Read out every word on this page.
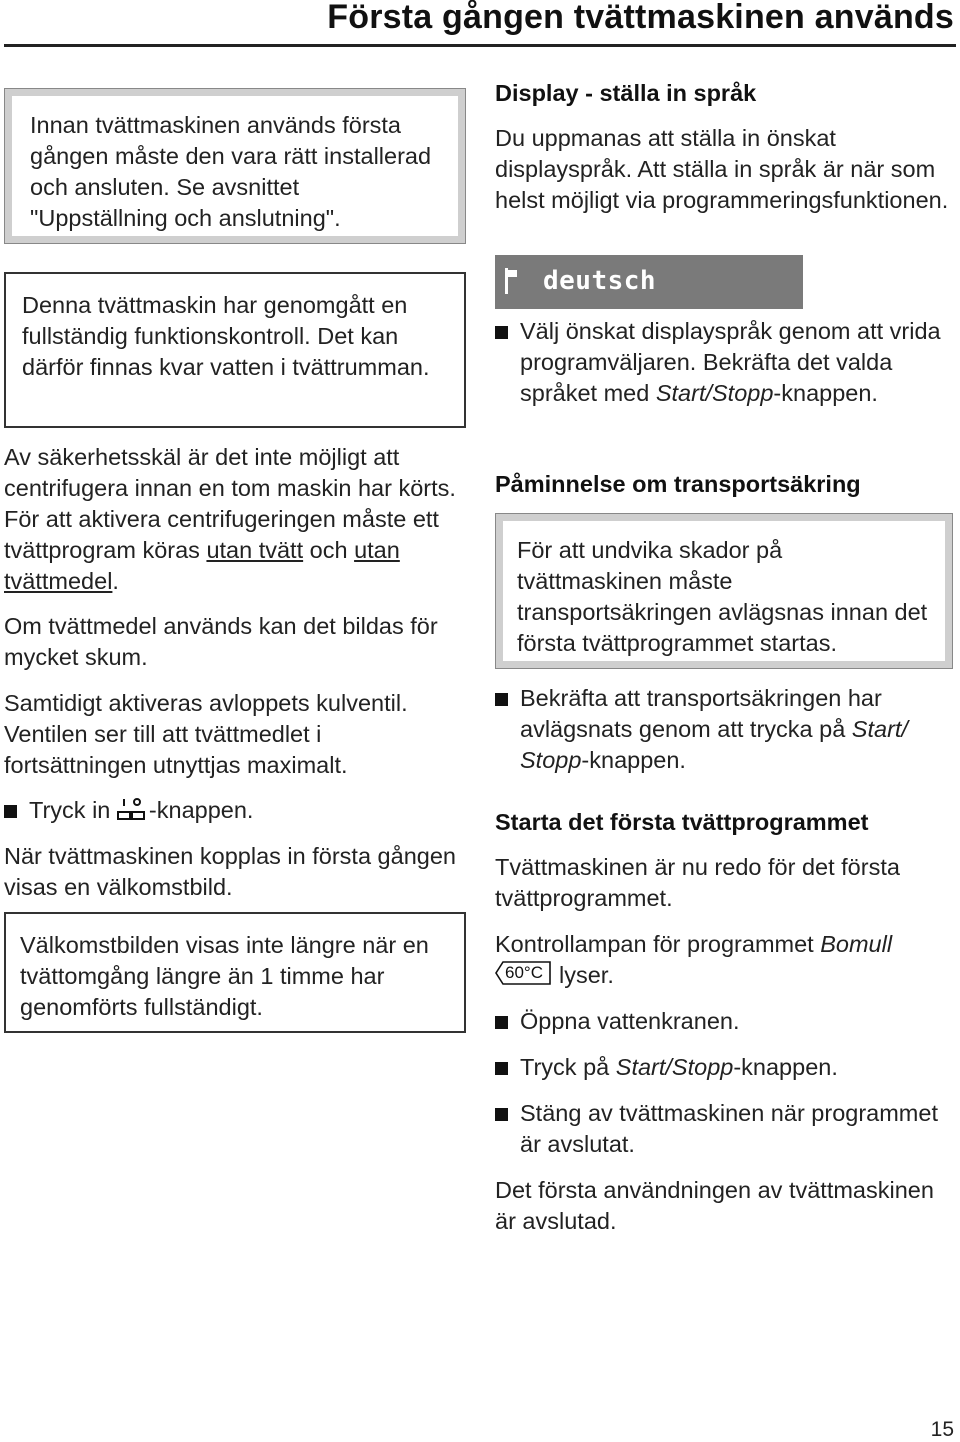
Första gången tvättmaskinen används

Innan tvättmaskinen används första gången måste den vara rätt installerad och ansluten. Se avsnittet "Uppställning och anslutning".

Denna tvättmaskin har genomgått en fullständig funktionskontroll. Det kan därför finnas kvar vatten i tvättrumman.

Av säkerhetsskäl är det inte möjligt att centrifugera innan en tom maskin har körts. För att aktivera centrifugeringen måste ett tvättprogram köras utan tvätt och utan tvättmedel.

Om tvättmedel används kan det bildas för mycket skum.

Samtidigt aktiveras avloppets kulventil. Ventilen ser till att tvättmedlet i fortsättningen utnyttjas maximalt.

Tryck in -knappen.

När tvättmaskinen kopplas in första gången visas en välkomstbild.

Välkomstbilden visas inte längre när en tvättomgång längre än 1 timme har genomförts fullständigt.

Display - ställa in språk

Du uppmanas att ställa in önskat displayspråk. Att ställa in språk är när som helst möjligt via programmeringsfunktionen.

deutsch

Välj önskat displayspråk genom att vrida programväljaren. Bekräfta det valda språket med Start/Stopp-knappen.

Påminnelse om transportsäkring

För att undvika skador på tvättmaskinen måste transportsäkringen avlägsnas innan det första tvättprogrammet startas.

Bekräfta att transportsäkringen har avlägsnats genom att trycka på Start/ Stopp-knappen.

Starta det första tvättprogrammet

Tvättmaskinen är nu redo för det första tvättprogrammet.

Kontrollampan för programmet Bomull

60°C lyser.

Öppna vattenkranen.

Tryck på Start/Stopp-knappen.

Stäng av tvättmaskinen när programmet är avslutat.

Det första användningen av tvättmaskinen är avslutad.

15
